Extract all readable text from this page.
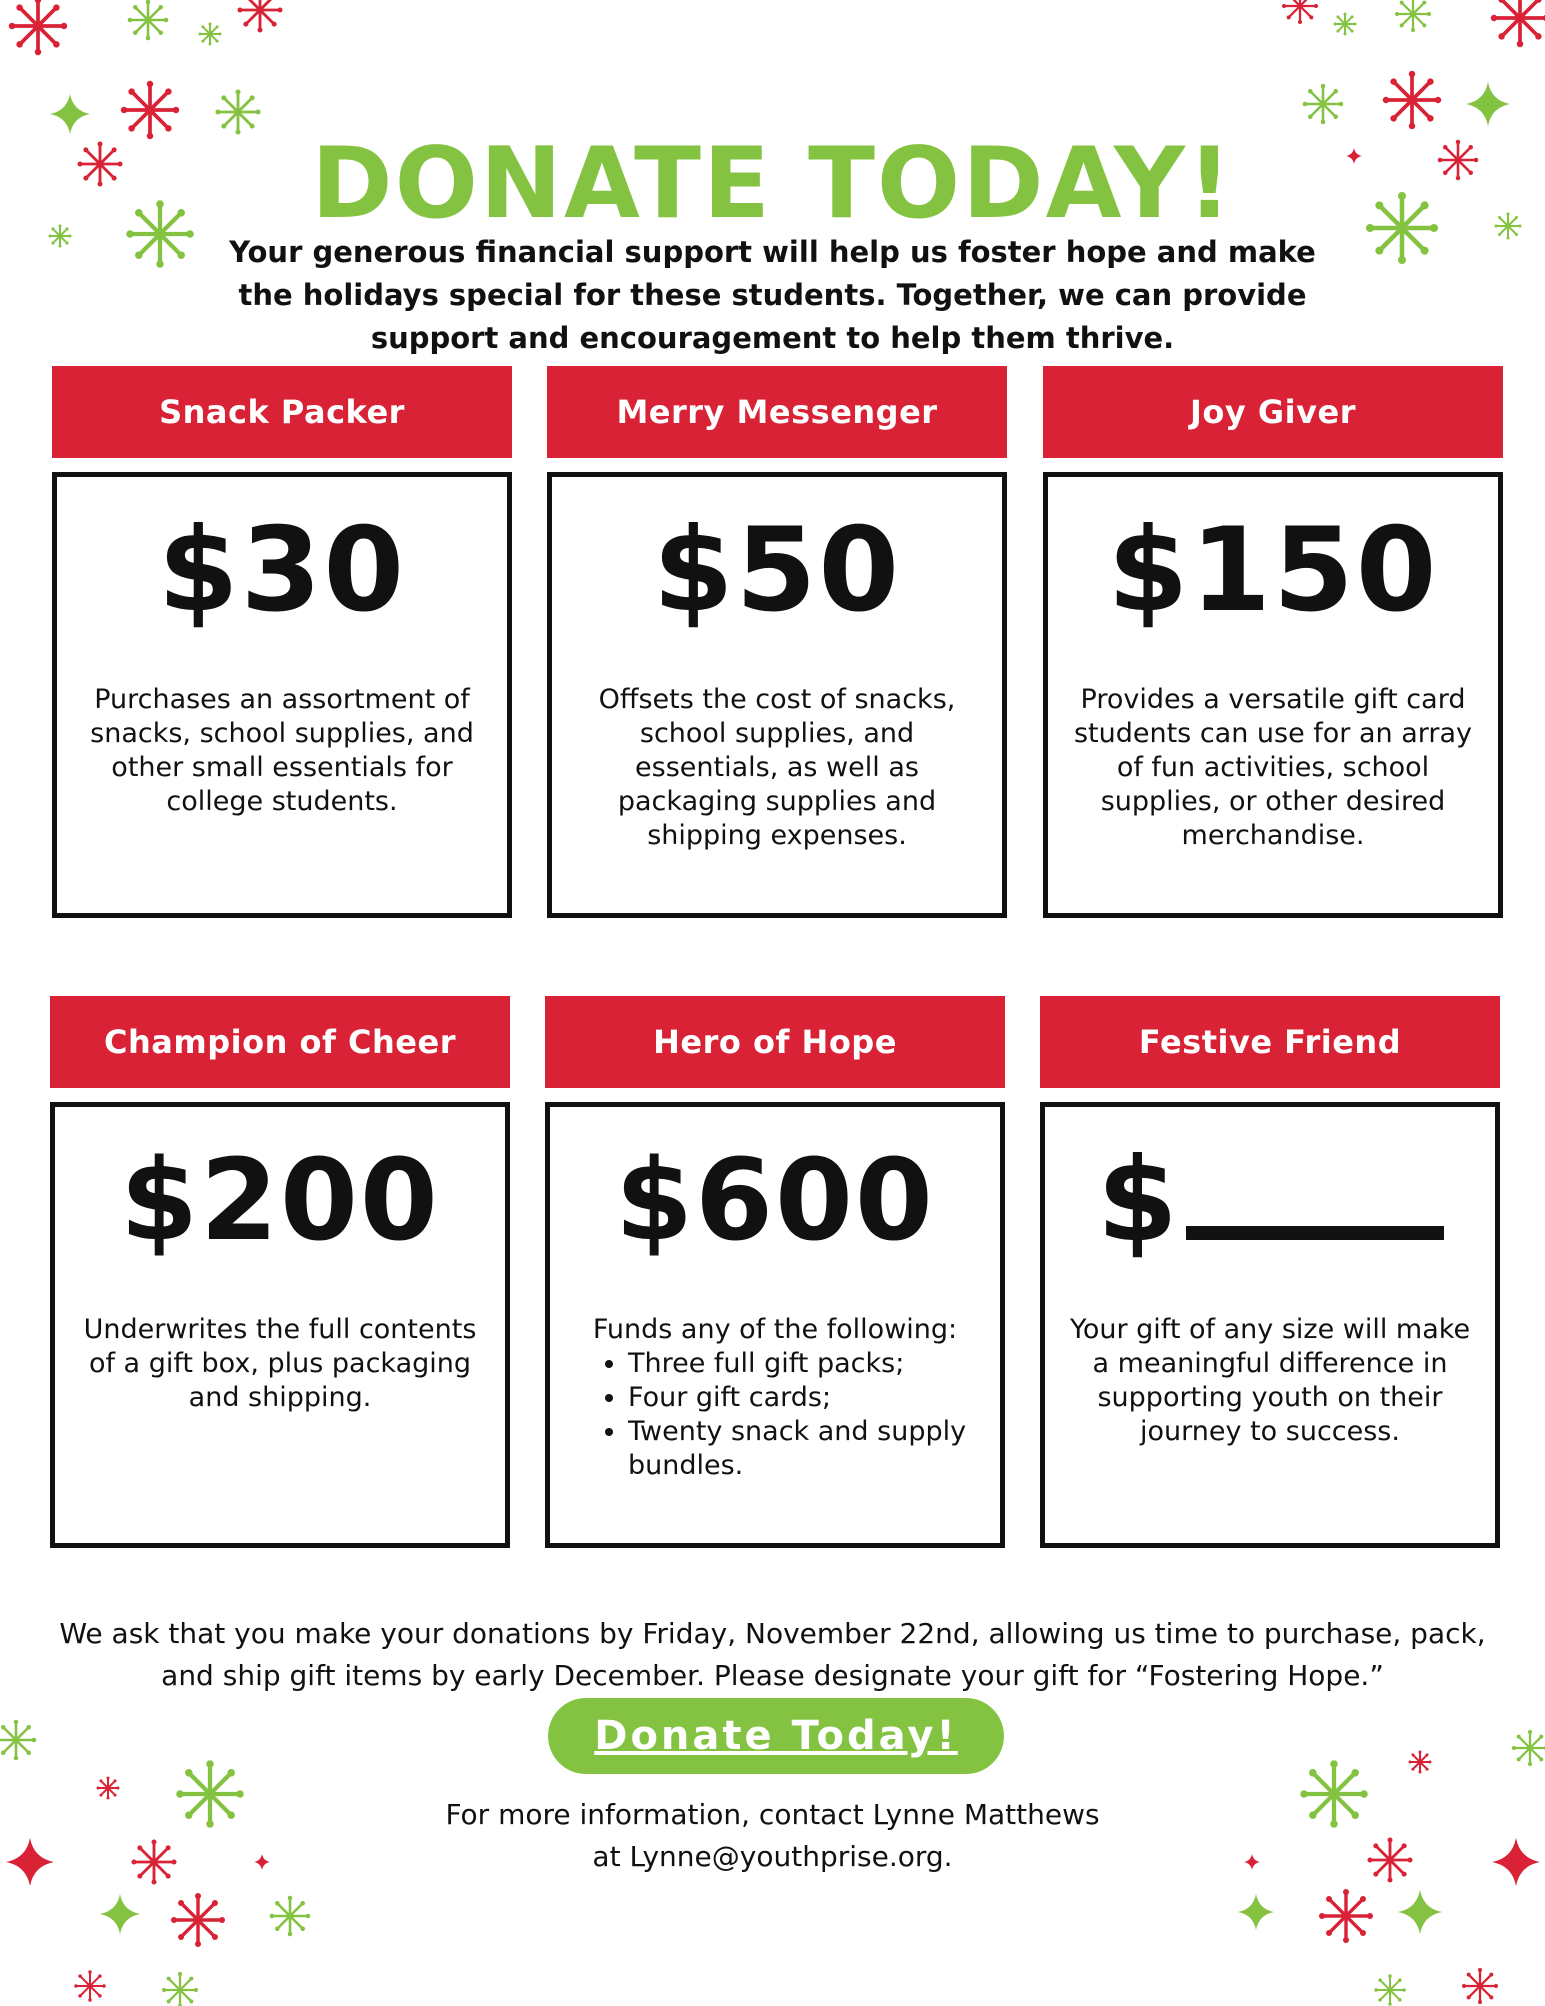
DONATE TODAY!

Your generous financial support will help us foster hope and make the holidays special for these students. Together, we can provide support and encouragement to help them thrive.

Snack Packer
$30
Purchases an assortment of snacks, school supplies, and other small essentials for college students.
Merry Messenger
$50
Offsets the cost of snacks, school supplies, and essentials, as well as packaging supplies and shipping expenses.
Joy Giver
$150
Provides a versatile gift card students can use for an array of fun activities, school supplies, or other desired merchandise.
Champion of Cheer
$200
Underwrites the full contents of a gift box, plus packaging and shipping.
Hero of Hope
$600
Funds any of the following:
• Three full gift packs;
• Four gift cards;
• Twenty snack and supply bundles.
Festive Friend
$
Your gift of any size will make a meaningful difference in supporting youth on their journey to success.

We ask that you make your donations by Friday, November 22nd, allowing us time to purchase, pack, and ship gift items by early December. Please designate your gift for “Fostering Hope.”

Donate Today!
For more information, contact Lynne Matthews
at Lynne@youthprise.org.
